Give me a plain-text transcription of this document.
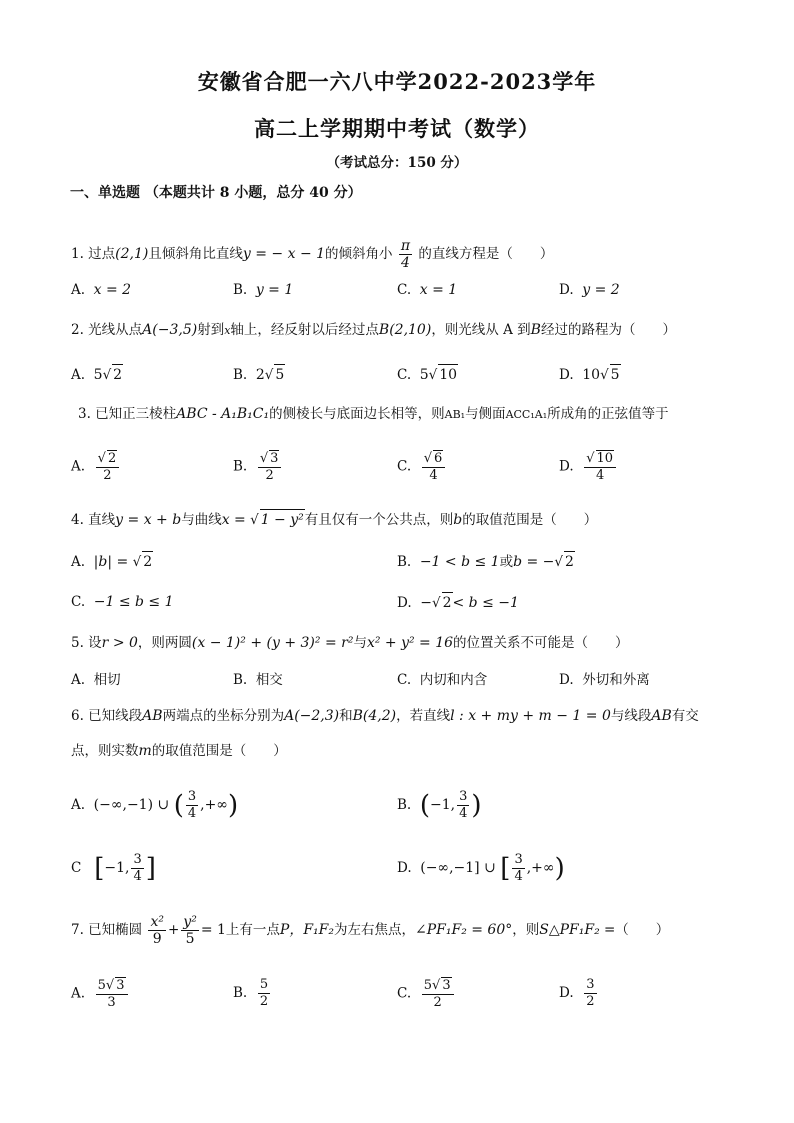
安徽省合肥一六八中学2022-2023学年
高二上学期期中考试（数学）
（考试总分：150 分）
一、单选题 （本题共计 8 小题，总分 40 分）
1. 过点(2,1)且倾斜角比直线y = − x − 1的倾斜角小 $\frac{\pi}{4}$ 的直线方程是（　　）
A. x = 2	B. y = 1	C. x = 1	D. y = 2
2. 光线从点A(−3,5)射到x轴上，经反射以后经过点B(2,10)，则光线从 A 到B经过的路程为（　　）
A. 5√ 2	B. 2√ 5	C. 5√ 10	D. 10√ 5
3. 已知正三棱柱ABC - A₁B₁C₁的侧棱长与底面边长相等，则AB₁与侧面ACC₁A₁所成角的正弦值等于
A. $\frac{√ 2}{2}$	B. $\frac{√ 3}{2}$	C. $\frac{√ 6}{4}$	D. $\frac{√ 10}{4}$
4. 直线y = x + b与曲线x = √ 1 − y²有且仅有一个公共点，则b的取值范围是（　　）
A. |b| = √ 2	B. −1 < b ≤ 1或b = −√ 2
C. −1 ≤ b ≤ 1	D. −√ 2< b ≤ −1
5. 设r > 0，则两圆(x − 1)² + (y + 3)² = r²与x² + y² = 16的位置关系不可能是（　　）
A. 相切	B. 相交	C. 内切和内含	D. 外切和外离
6. 已知线段AB两端点的坐标分别为A(−2,3)和B(4,2)，若直线l : x + my + m − 1 = 0与线段AB有交
点，则实数m的取值范围是（　　）
A. (−∞,−1) ∪ ( $\frac{3}{4}$ ,+∞)	B. (−1, $\frac{3}{4}$ )
C [−1, $\frac{3}{4}$ ]	D. (−∞,−1] ∪ [ $\frac{3}{4}$ ,+∞)
7. 已知椭圆 $\frac{\text{x²}}{9} + \frac{\text{y²}}{5} = 1$上有一点P，F₁F₂为左右焦点，∠PF₁F₂ = 60°，则S△PF₁F₂ =（　　）
A. $\frac{5√ 3}{3}$	B. $\frac{5}{2}$	C. $\frac{5√ 3}{2}$	D. $\frac{3}{2}$
